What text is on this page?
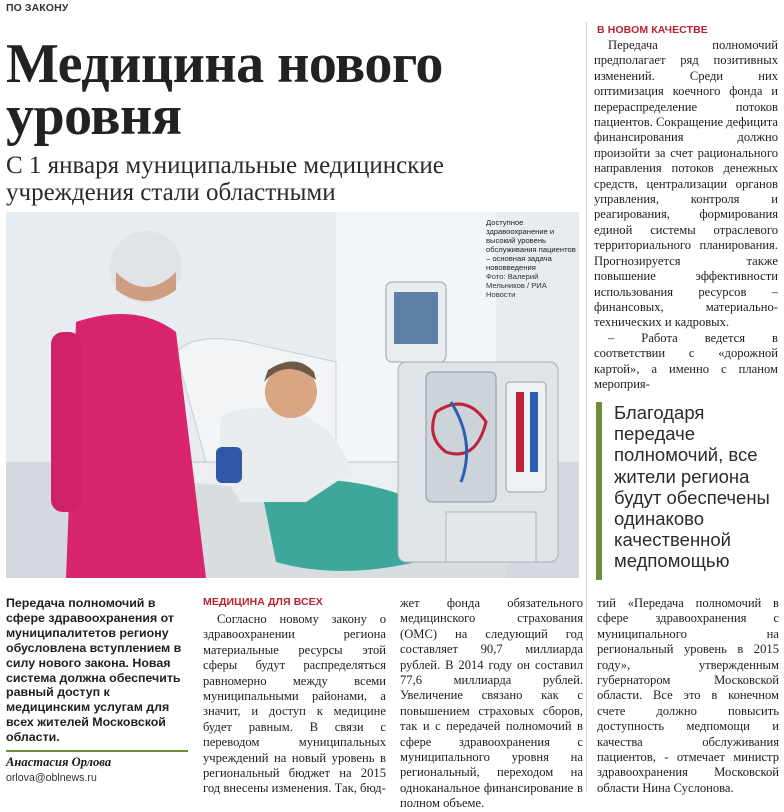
ПО ЗАКОНУ
Медицина нового уровня
С 1 января муниципальные медицинские учреждения стали областными
Доступное здравоохранение и высокий уровень обслуживания пациентов – основная задача нововведения
Фото: Валерий Мельников / РИА Новости
В НОВОМ КАЧЕСТВЕ
Передача полномочий предполагает ряд позитивных изменений. Среди них оптимизация коечного фонда и перераспределение потоков пациентов. Сокращение дефицита финансирования должно произойти за счет рационального направления потоков денежных средств, централизации органов управления, контроля и реагирования, формирования единой системы отраслевого территориального планирования. Прогнозируется также повышение эффективности использования ресурсов – финансовых, материально-технических и кадровых.
– Работа ведется в соответствии с «дорожной картой», а именно с планом мероприя-
Благодаря передаче полномочий, все жители региона будут обеспечены одинаково качественной медпомощью
Передача полномочий в сфере здравоохранения от муниципалитетов региону обусловлена вступлением в силу нового закона. Новая система должна обеспечить равный доступ к медицинским услугам для всех жителей Московской области.
Анастасия Орлова
orlova@oblnews.ru
МЕДИЦИНА ДЛЯ ВСЕХ
Согласно новому закону о здравоохранении региона материальные ресурсы этой сферы будут распределяться равномерно между всеми муниципальными районами, а значит, и доступ к медицине будет равным. В связи с переводом муниципальных учреждений на новый уровень в региональный бюджет на 2015 год внесены изменения. Так, бюд-
жет фонда обязательного медицинского страхования (ОМС) на следующий год составляет 90,7 миллиарда рублей. В 2014 году он составил 77,6 миллиарда рублей. Увеличение связано как с повышением страховых сборов, так и с передачей полномочий в сфере здравоохранения с муниципального уровня на региональный, переходом на одноканальное финансирование в полном объеме.
тий «Передача полномочий в сфере здравоохранения с муниципального на региональный уровень в 2015 году», утвержденным губернатором Московской области. Все это в конечном счете должно повысить доступность медпомощи и качества обслуживания пациентов, - отмечает министр здравоохранения Московской области Нина Суслонова.
